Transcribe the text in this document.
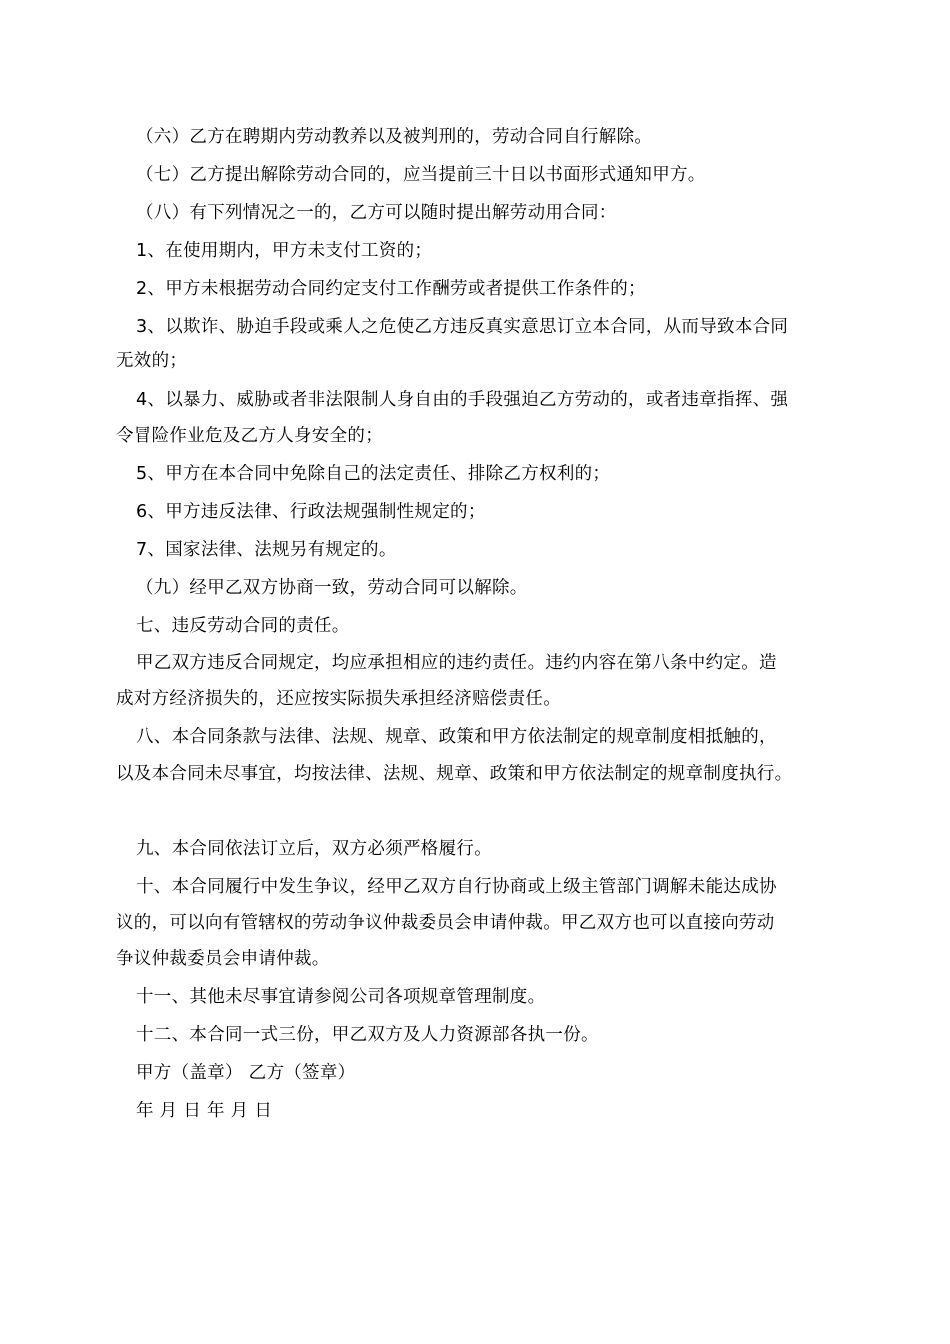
（六）乙方在聘期内劳动教养以及被判刑的，劳动合同自行解除。
（七）乙方提出解除劳动合同的，应当提前三十日以书面形式通知甲方。
（八）有下列情况之一的，乙方可以随时提出解劳动用合同：
1、在使用期内，甲方未支付工资的；
2、甲方未根据劳动合同约定支付工作酬劳或者提供工作条件的；
3、以欺诈、胁迫手段或乘人之危使乙方违反真实意思订立本合同，从而导致本合同
无效的；
4、以暴力、威胁或者非法限制人身自由的手段强迫乙方劳动的，或者违章指挥、强
令冒险作业危及乙方人身安全的；
5、甲方在本合同中免除自己的法定责任、排除乙方权利的；
6、甲方违反法律、行政法规强制性规定的；
7、国家法律、法规另有规定的。
（九）经甲乙双方协商一致，劳动合同可以解除。
七、违反劳动合同的责任。
甲乙双方违反合同规定，均应承担相应的违约责任。违约内容在第八条中约定。造
成对方经济损失的，还应按实际损失承担经济赔偿责任。
八、本合同条款与法律、法规、规章、政策和甲方依法制定的规章制度相抵触的，
以及本合同未尽事宜，均按法律、法规、规章、政策和甲方依法制定的规章制度执行。
九、本合同依法订立后，双方必须严格履行。
十、本合同履行中发生争议，经甲乙双方自行协商或上级主管部门调解未能达成协
议的，可以向有管辖权的劳动争议仲裁委员会申请仲裁。甲乙双方也可以直接向劳动
争议仲裁委员会申请仲裁。
十一、其他未尽事宜请参阅公司各项规章管理制度。
十二、本合同一式三份，甲乙双方及人力资源部各执一份。
甲方（盖章） 乙方（签章）
年 月 日 年 月 日
